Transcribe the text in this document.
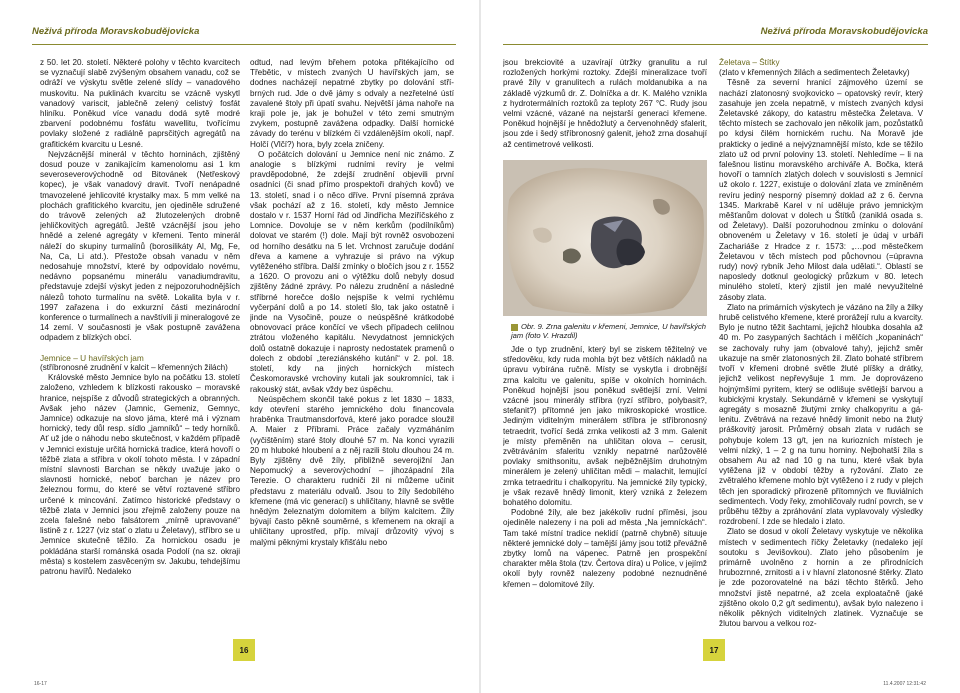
Neživá příroda Moravskobudějovicka

z 50. let 20. století. Některé polohy v těchto kvarcitech se vyznačují slabě zvýšeným obsahem vanadu, což se odráží ve výskytu světle zelené slídy – vanadového muskovitu. Na puklinách kvarcitu se vzácně vyskytl vanadový variscit, jablečně zelený celistvý fosfát hliníku. Poněkud více vanadu dodá sytě modré zbarvení podobnému fosfátu wavellitu, tvořícímu povlaky složené z radiálně paprsčitých agregátů na grafitickém kvarcitu u Lesné.

Nejvzácnější minerál v těchto horninách, zjištěný dosud pouze v zanikajícím kamenolomu asi 1 km severoseverovýchodně od Bitovánek (Netřeskový kopec), je však vanadový dravit. Tvoří nenápadné tmavozelené jehlicovité krystalky max. 5 mm velké na plochách grafitického kvarcitu, jen ojediněle sdružené do trávově zelených až žlutozelených drobně jehličkovitých agregátů. Ještě vzácnější jsou jeho hnědé a zelené agregáty v křemeni. Tento minerál náleží do skupiny turmalínů (borosilikáty Al, Mg, Fe, Na, Ca, Li atd.). Přestože obsah vanadu v něm nedosahuje množství, které by odpovídalo novému, nedávno popsanému minerálu vanadiumdravitu, představuje zdejší výskyt jeden z nejpozoruhodnějších nálezů tohoto turmalínu na světě. Lokalita byla v r. 1997 zařazena i do exkurzní části mezinárodní konference o turmalínech a navštívili ji mineralogové ze 14 zemí. V současnosti je však postupně zavážena odpadem z blízkých obcí.

Jemnice – U havířských jam

(stříbronosné zrudnění v kalcit – křemenných žilách)

Královské město Jemnice bylo na počátku 13. století založeno, vzhledem k blízkosti rakousko – moravské hranice, nejspíše z důvodů strategických a obranných. Avšak jeho název (Jamnic, Gemeniz, Gemnyc, Jamnice) odkazuje na slovo jáma, které má i význam hornický, tedy důl resp. sídlo „jamníků“ – tedy horníků. Ať už jde o náhodu nebo skutečnost, v každém případě v Jemnici existuje určitá hornická tradice, která hovoří o těžbě zlata a stříbra v okolí tohoto města. I v západní místní slavnosti Barchan se někdy uvažuje jako o slavnosti hornické, neboť barchan je název pro železnou formu, do které se větví roztavené stříbro určené k mincování. Zatímco historické představy o těžbě zlata v Jemnici jsou zřejmě založeny pouze na zcela falešné nebo falsátorem „mírně upravované“ listině z r. 1227 (viz stať o zlatu u Želetavy), stříbro se u Jemnice skutečně těžilo. Za hornickou osadu je pokládána starší románská osada Podolí (na sz. okraji města) s kostelem zasvěceným sv. Jakubu, tehdejšímu patronu havířů. Nedaleko

odtud, nad levým břehem potoka přitékajícího od Třebětic, v místech zvaných U havířských jam, se dodnes nacházejí nepatrné zbytky po dolování stříbrných rud. Jde o dvě jámy s odvaly a nezřetelné ústí zavalené štoly při úpatí svahu. Největší jáma nahoře na kraji pole je, jak je bohužel v této zemi smutným zvykem, postupně zavážena odpadky. Další hornické závady do terénu v blízkém či vzdálenějším okolí, např. Holčí (Vlčí?) hora, byly zcela zničeny.

O počátcích dolování u Jemnice není nic známo. Z analogie s blízkými rudními revíry je velmi pravděpodobné, že zdejší zrudnění objevili první osadníci (či snad přímo prospektoři drahých kovů) ve 13. století, snad i o něco dříve. První písemná zpráva však pochází až z 16. století, kdy město Jemnice dostalo v r. 1537 Horní řád od Jindřicha Meziříčského z Lomnice. Dovoluje se v něm kerkům (podílníkům) dolovat ve starém (!) dole. Mají být rovněž osvobozeni od horního desátku na 5 let. Vrchnost zaručuje dodání dřeva a kamene a vyhrazuje si právo na výkup vytěženého stříbra. Další zmínky o bločích jsou z r. 1552 a 1620. O provozu ani o výtěžku dolů nebyly dosud zjištěny žádné zprávy. Po nálezu zrudnění a následné stříbrné horečce došlo nejspíše k velmi rychlému vyčerpání dolů a po 14. století šlo, tak jako ostatně i jinde na Vysočině, pouze o neúspěšné krátkodobé obnovovací práce končící ve všech případech celilnou ztrátou vloženého kapitálu. Nevydatnost jemnických dolů ostatně dokazuje i naprosty nedostatek pramenů o dolech z období „tereziánského kutání“ v 2. pol. 18. století, kdy na jiných hornických místech Českomoravské vrchoviny kutali jak soukromníci, tak i rakouský stát, avšak vždy bez úspěchu.

Neúspěchem skončil také pokus z let 1830 – 1833, kdy otevření starého jemnického dolu financovala hraběnka Trautmansdorfová, které jako poradce sloužil A. Maier z Příbrami. Práce začaly vyzmáháním (vyčištěním) staré štoly dlouhé 57 m. Na konci vyrazili 20 m hluboké hloubení a z něj razili štolu dlouhou 24 m. Byly zjištěny dvě žíly, přibližně severojižní Jan Nepomucký a severovýchodní – jihozápadní žíla Terezie. O charakteru rudniči žil ni můžeme učinit představu z materiálu odvalů. Jsou to žíly šedobílého křemene (má vic generací) s uhličitany, hlavně se světle hnědým železnatým dolomitem a bílým kalcitem. Žíly bývají často pěkně souměrné, s křemenem na okrají a uhličitany uprostřed, příp. mívají drůzovitý vývoj s malými pěknými krystaly křišťálu nebo

16
16-17
Neživá příroda Moravskobudějovicka

jsou brekciovité a uzavírají útržky granulitu a rul rozložených horkými roztoky. Zdejší mineralizace tvoří pravé žíly v granulitech a rulách moldanubika a na základě výzkumů dr. Z. Dolníčka a dr. K. Malého vznikla z hydrotermálních roztoků za teploty 267 °C. Rudy jsou velmi vzácné, vázané na nejstarší generaci křemene. Poněkud hojnější je hnědožlutý a červenohnědý sfalerit, jsou zde i šedý stříbronosný galenit, jehož zrna dosahují až centimetrové velikosti.

Obr. 9. Zrna galenitu v křemeni, Jemnice, U havířských jam (foto V. Hrazdil)

Jde o typ zrudnění, který byl se ziskem těžitelný ve středověku, kdy ruda mohla být bez větších nákladů na úpravu vybírána ručně. Místy se vyskytla i drobnější zrna kalcitu ve galenitu, spíše v okolních horninách. Poněkud hojnější jsou poněkud světlejší zrní. Velmi vzácné jsou minerály stříbra (ryzí stříbro, polybasit?, stefanit?) přítomné jen jako mikroskopické vrostlice. Jediným viditelným minerálem stříbra je stříbronosný tetraedrit, tvořící šedá zrnka velikosti až 3 mm. Galenit je místy přeměněn na uhličitan olova – cerusit, zvětráváním sfaleritu vznikly nepatrné narůžovělé povlaky smithsonitu, avšak nejběžnějším druhotným minerálem je zelený uhličitan mědi – malachit, lemující zrnka tetraedritu i chalkopyritu. Na jemnické žíly typický, je však rezavě hnědý limonit, který vzniká z železem bohatého dolomitu.

Podobné žíly, ale bez jakékoliv rudní příměsi, jsou ojediněle nalezeny i na poli ad města „Na jemníckách“. Tam také místní tradice neklidí (patrně chybně) situuje některé jemnické doly – tamější jámy jsou totiž převážně zbytky lomů na vápenec. Patrně jen prospekční charakter měla štola (tzv. Čertova díra) u Police, v jejímž okolí byly rovněž nalezeny podobné neznudněné křemen – dolomitové žíly.

Želetava – Štítky

(zlato v křemenných žilách a sedimentech Želetavky)

Těsně za severní hranicí zájmového území se nachází zlatonosný svojkovicko – opatovský revír, který zasahuje jen zcela nepatrně, v místech zvaných kdysi Želetavské zákopy, do katastru městečka Želetava. V těchto místech se zachovalo jen několik jam, pozůstatků po kdysi čilém hornickém ruchu. Na Moravě jde prakticky o jediné a nejvýznamnější místo, kde se těžilo zlato už od první poloviny 13. století. Nehledíme – li na falešnou listinu moravského archiváře A. Bočka, která hovoří o tamních zlatých dolech v souvislosti s Jemnicí už okolo r. 1227, existuje o dolování zlata ve zmíněném revíru jediný nesporný písemný doklad až z 6. června 1345. Markrabě Karel v ní uděluje právo jemnickým měšťanům dolovat v dolech u Štítků (zaniklá osada s. od Želetavy). Další pozoruhodnou zmínku o dolování obnoveném u Želetavy v 16. století je údaj v urbáři Zachariáše z Hradce z r. 1573: „…pod městečkem Želetavou v těch místech pod půchovnou (=úpravna rudy) nový rybník Jeho Milost dala udělati.“. Oblastí se naposledy dotknul geologický průzkum v 80. letech minulého století, který zjistil jen malé nevyužitelné zásoby zlata.

Zlato na primárních výskytech je vázáno na žíly a žilky hrubě celistvého křemene, které prorážejí rulu a kvarcity. Bylo je nutno těžit šachtami, jejichž hloubka dosahla až 40 m. Po zasypaných šachtách i mělčích „kopaninách“ se zachovaly ruhy jam (obvalové tahy), jejichž směr ukazuje na směr zlatonosných žil. Zlato bohaté stříbrem tvoří v křemeni drobné světle žluté plíšky a drátky, jejichž velikost nepřevyšuje 1 mm. Je doprovázeno hojnýmšími pyritem, který se odlišuje světlejší barvou a kubickými krystaly. Sekundárně v křemeni se vyskytují agregáty s mosazně žlutými zrnky chalkopyritu a gálenitu. Zvětrává na rezavé hnědý limonit nebo na žlutý práškovitý jarosit. Průměrný obsah zlata v rudách se pohybuje kolem 13 g/t, jen na kuriozních místech je velmi nízký, 1 – 2 g na tunu horniny. Nejbohatší žíla s obsahem Au až nad 10 g na tunu, které však byla vytěžena již v období těžby a ryžování. Zlato ze zvětralého křemene mohlo být vytěženo i z rudy v plejch těch jen sporadický přirozeně přítomných ve fluviálních sedimentech. Vody řeky, zmohličovaly rudní povrch, se v průběhu těžby a zpráhování zlata vyplavovaly výsledky rozdrobení. I zde se hledalo i zlato.

Zlato se dosud v okolí Želetavy vyskytuje ve několika místech v sedimentech říčky Želetavky (nedaleko její soutoku s Jevišovkou). Zlato jeho působením je primárně uvolněno z hornin a ze přirodnících hrubozrnné, zrnitosti a i v hlavní zlatonosné štěrky. Zlato je zde pozorovatelné na bázi těchto štěrků. Jeho množství jistě nepatrné, až zcela exploatačně (jaké zjištěno okolo 0,2 g/t sedimentu), avšak bylo nalezeno i několik pěkných viditelných zlatinek. Vyznačuje se žlutou barvou a velkou roz-

17
11.4.2007 12:31:42
